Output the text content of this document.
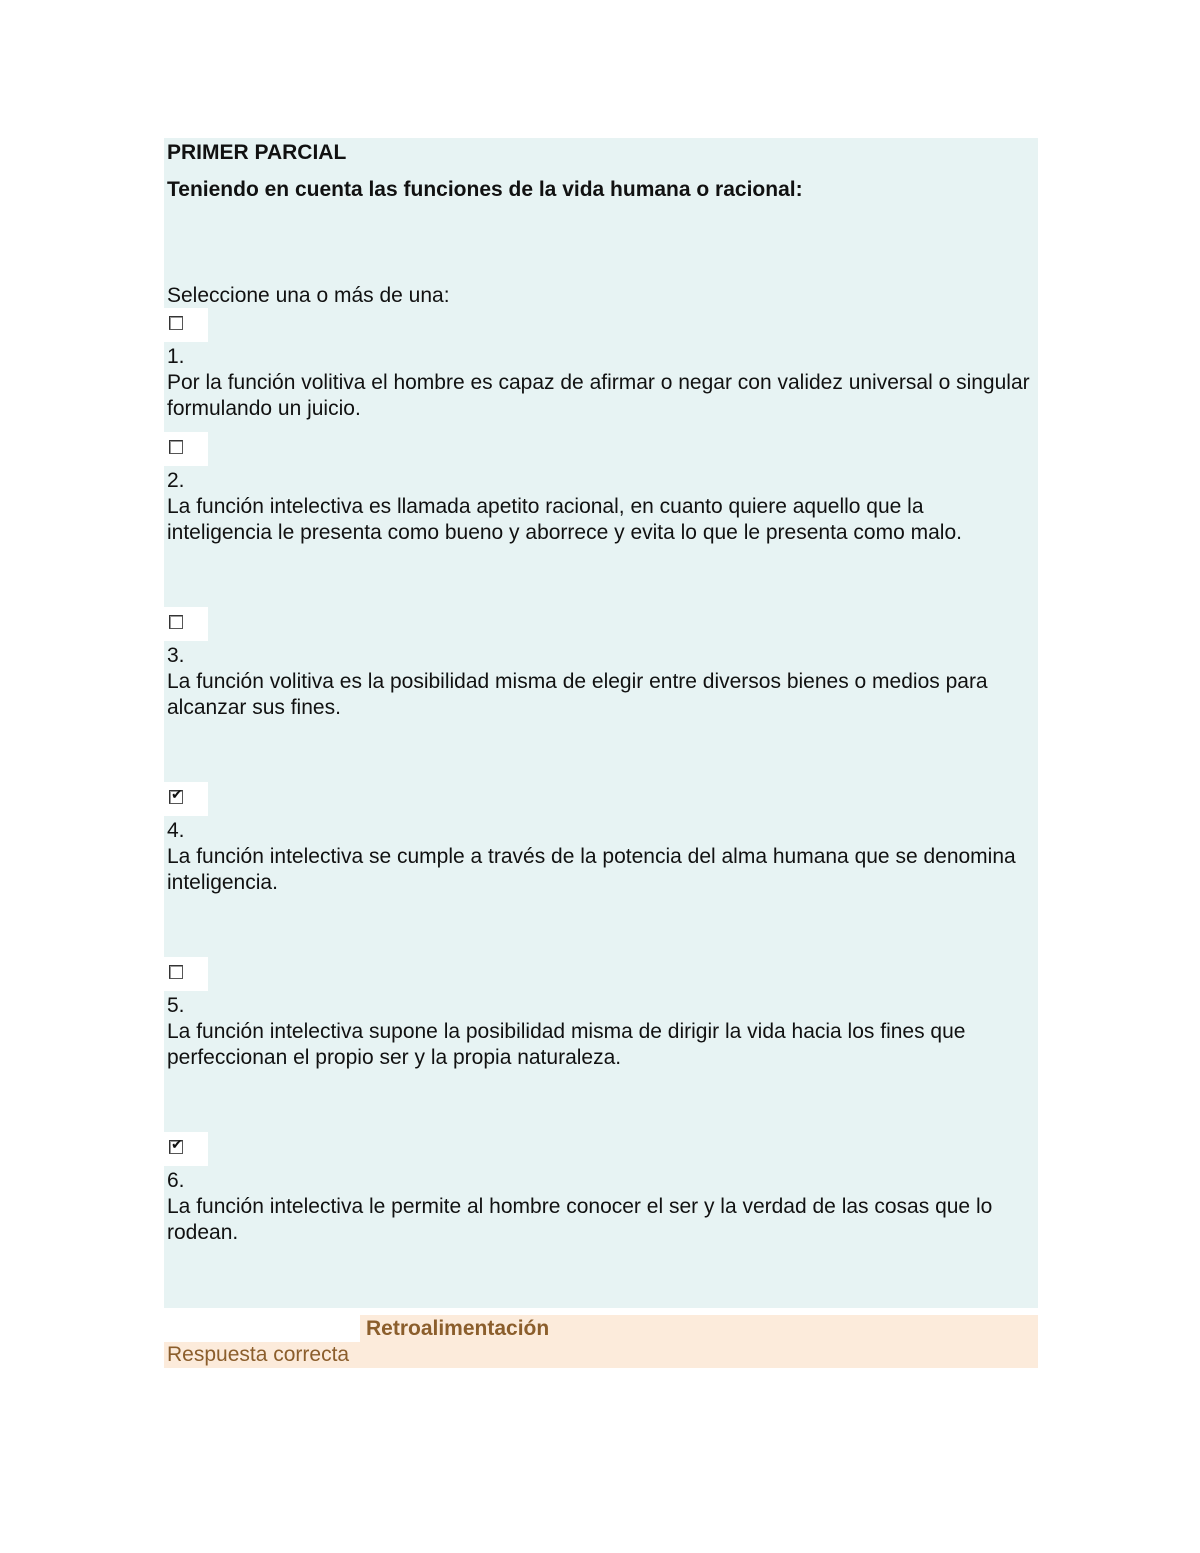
PRIMER PARCIAL
Teniendo en cuenta las funciones de la vida humana o racional:
Seleccione una o más de una:
1.
Por la función volitiva el hombre es capaz de afirmar o negar con validez universal o singular formulando un juicio.
2.
La función intelectiva es llamada apetito racional, en cuanto quiere aquello que la inteligencia le presenta como bueno y aborrece y evita lo que le presenta como malo.
3.
La función volitiva es la posibilidad misma de elegir entre diversos bienes o medios para alcanzar sus fines.
✔
4.
La función intelectiva se cumple a través de la potencia del alma humana que se denomina inteligencia.
5.
La función intelectiva supone la posibilidad misma de dirigir la vida hacia los fines que perfeccionan el propio ser y la propia naturaleza.
✔
6.
La función intelectiva le permite al hombre conocer el ser y la verdad de las cosas que lo rodean.
Retroalimentación
Respuesta correcta
